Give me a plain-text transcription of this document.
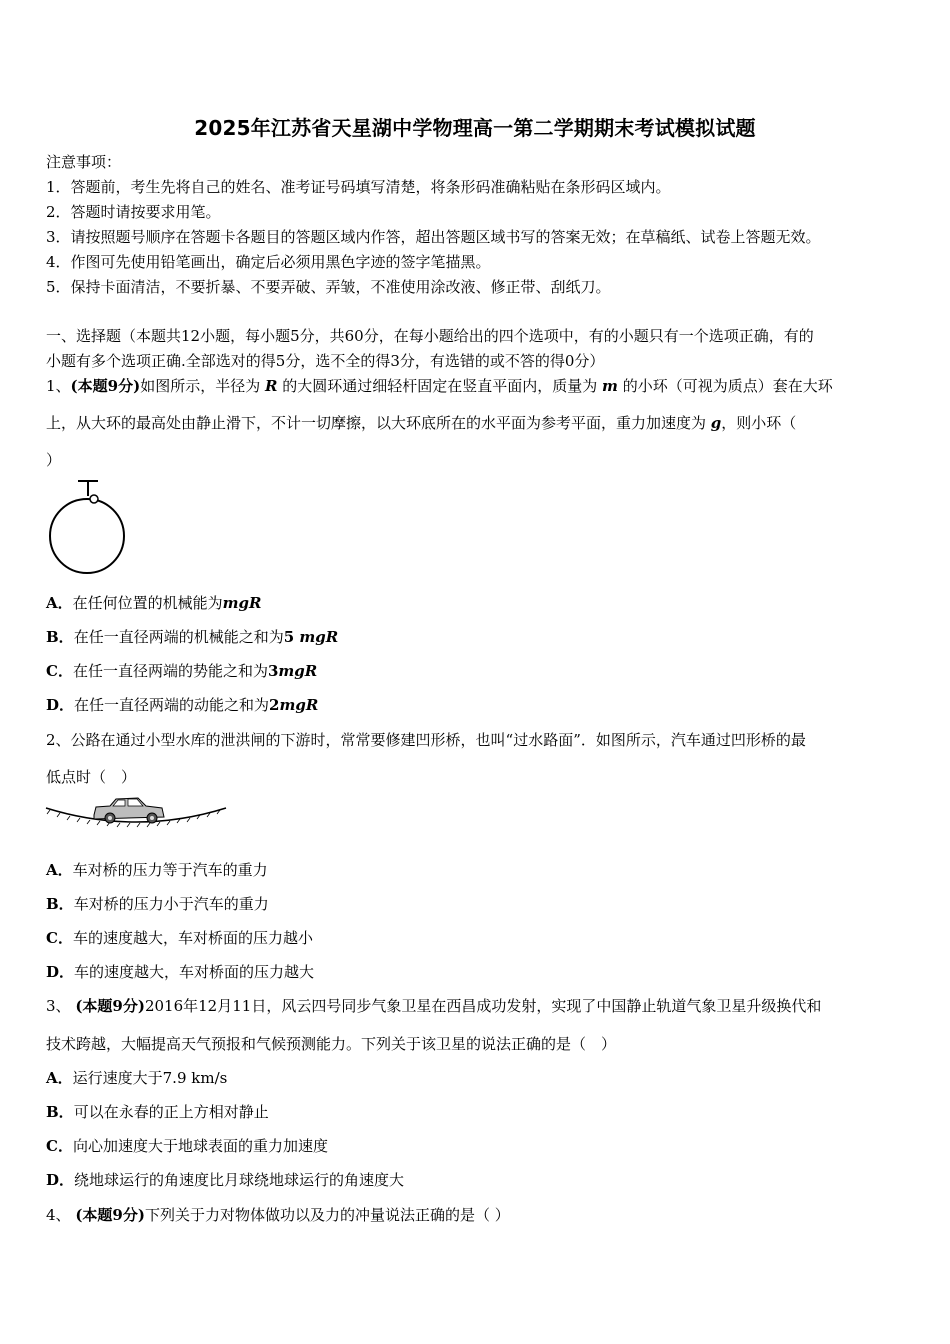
2025年江苏省天星湖中学物理高一第二学期期末考试模拟试题
注意事项：
1．答题前，考生先将自己的姓名、准考证号码填写清楚，将条形码准确粘贴在条形码区域内。
2．答题时请按要求用笔。
3．请按照题号顺序在答题卡各题目的答题区域内作答，超出答题区域书写的答案无效；在草稿纸、试卷上答题无效。
4．作图可先使用铅笔画出，确定后必须用黑色字迹的签字笔描黑。
5．保持卡面清洁，不要折暴、不要弄破、弄皱，不准使用涂改液、修正带、刮纸刀。
一、选择题（本题共12小题，每小题5分，共60分，在每小题给出的四个选项中，有的小题只有一个选项正确，有的
小题有多个选项正确.全部选对的得5分，选不全的得3分，有选错的或不答的得0分）
1、(本题9分)如图所示，半径为 R 的大圆环通过细轻杆固定在竖直平面内，质量为 m 的小环（可视为质点）套在大环
上，从大环的最高处由静止滑下，不计一切摩擦，以大环底所在的水平面为参考平面，重力加速度为 g，则小环（
）
A．在任何位置的机械能为mgR
B．在任一直径两端的机械能之和为5 mgR
C．在任一直径两端的势能之和为3mgR
D．在任一直径两端的动能之和为2mgR
2、公路在通过小型水库的泄洪闸的下游时，常常要修建凹形桥，也叫“过水路面”．如图所示，汽车通过凹形桥的最
低点时（　）
A．车对桥的压力等于汽车的重力
B．车对桥的压力小于汽车的重力
C．车的速度越大，车对桥面的压力越小
D．车的速度越大，车对桥面的压力越大
3、 (本题9分)2016年12月11日，风云四号同步气象卫星在西昌成功发射，实现了中国静止轨道气象卫星升级换代和
技术跨越，大幅提高天气预报和气候预测能力。下列关于该卫星的说法正确的是（　）
A．运行速度大于7.9 km/s
B．可以在永春的正上方相对静止
C．向心加速度大于地球表面的重力加速度
D．绕地球运行的角速度比月球绕地球运行的角速度大
4、 (本题9分)下列关于力对物体做功以及力的冲量说法正确的是（ ）
